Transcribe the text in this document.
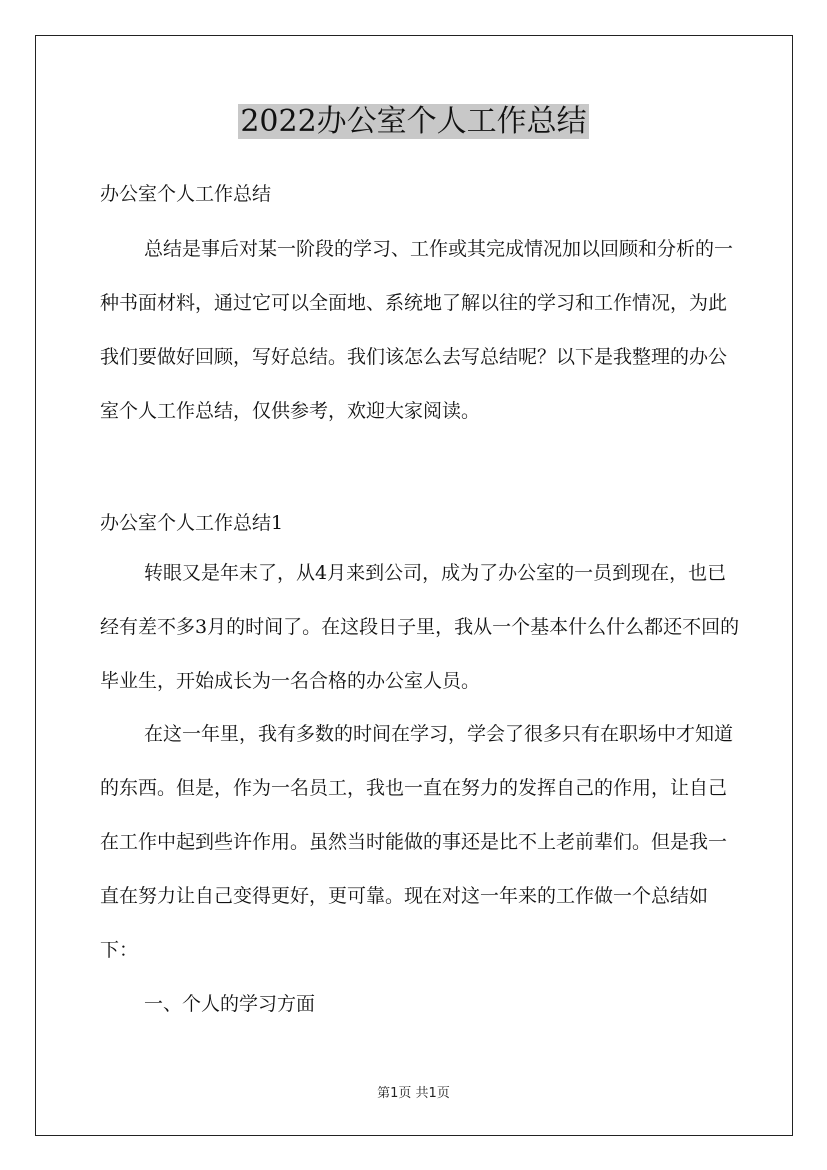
2022办公室个人工作总结

办公室个人工作总结

总结是事后对某一阶段的学习、工作或其完成情况加以回顾和分析的一种书面材料，通过它可以全面地、系统地了解以往的学习和工作情况，为此我们要做好回顾，写好总结。我们该怎么去写总结呢？以下是我整理的办公室个人工作总结，仅供参考，欢迎大家阅读。

办公室个人工作总结1

转眼又是年末了，从4月来到公司，成为了办公室的一员到现在，也已经有差不多3月的时间了。在这段日子里，我从一个基本什么什么都还不回的毕业生，开始成长为一名合格的办公室人员。

在这一年里，我有多数的时间在学习，学会了很多只有在职场中才知道的东西。但是，作为一名员工，我也一直在努力的发挥自己的作用，让自己在工作中起到些许作用。虽然当时能做的事还是比不上老前辈们。但是我一直在努力让自己变得更好，更可靠。现在对这一年来的工作做一个总结如下：

一、个人的学习方面

第1页 共1页
